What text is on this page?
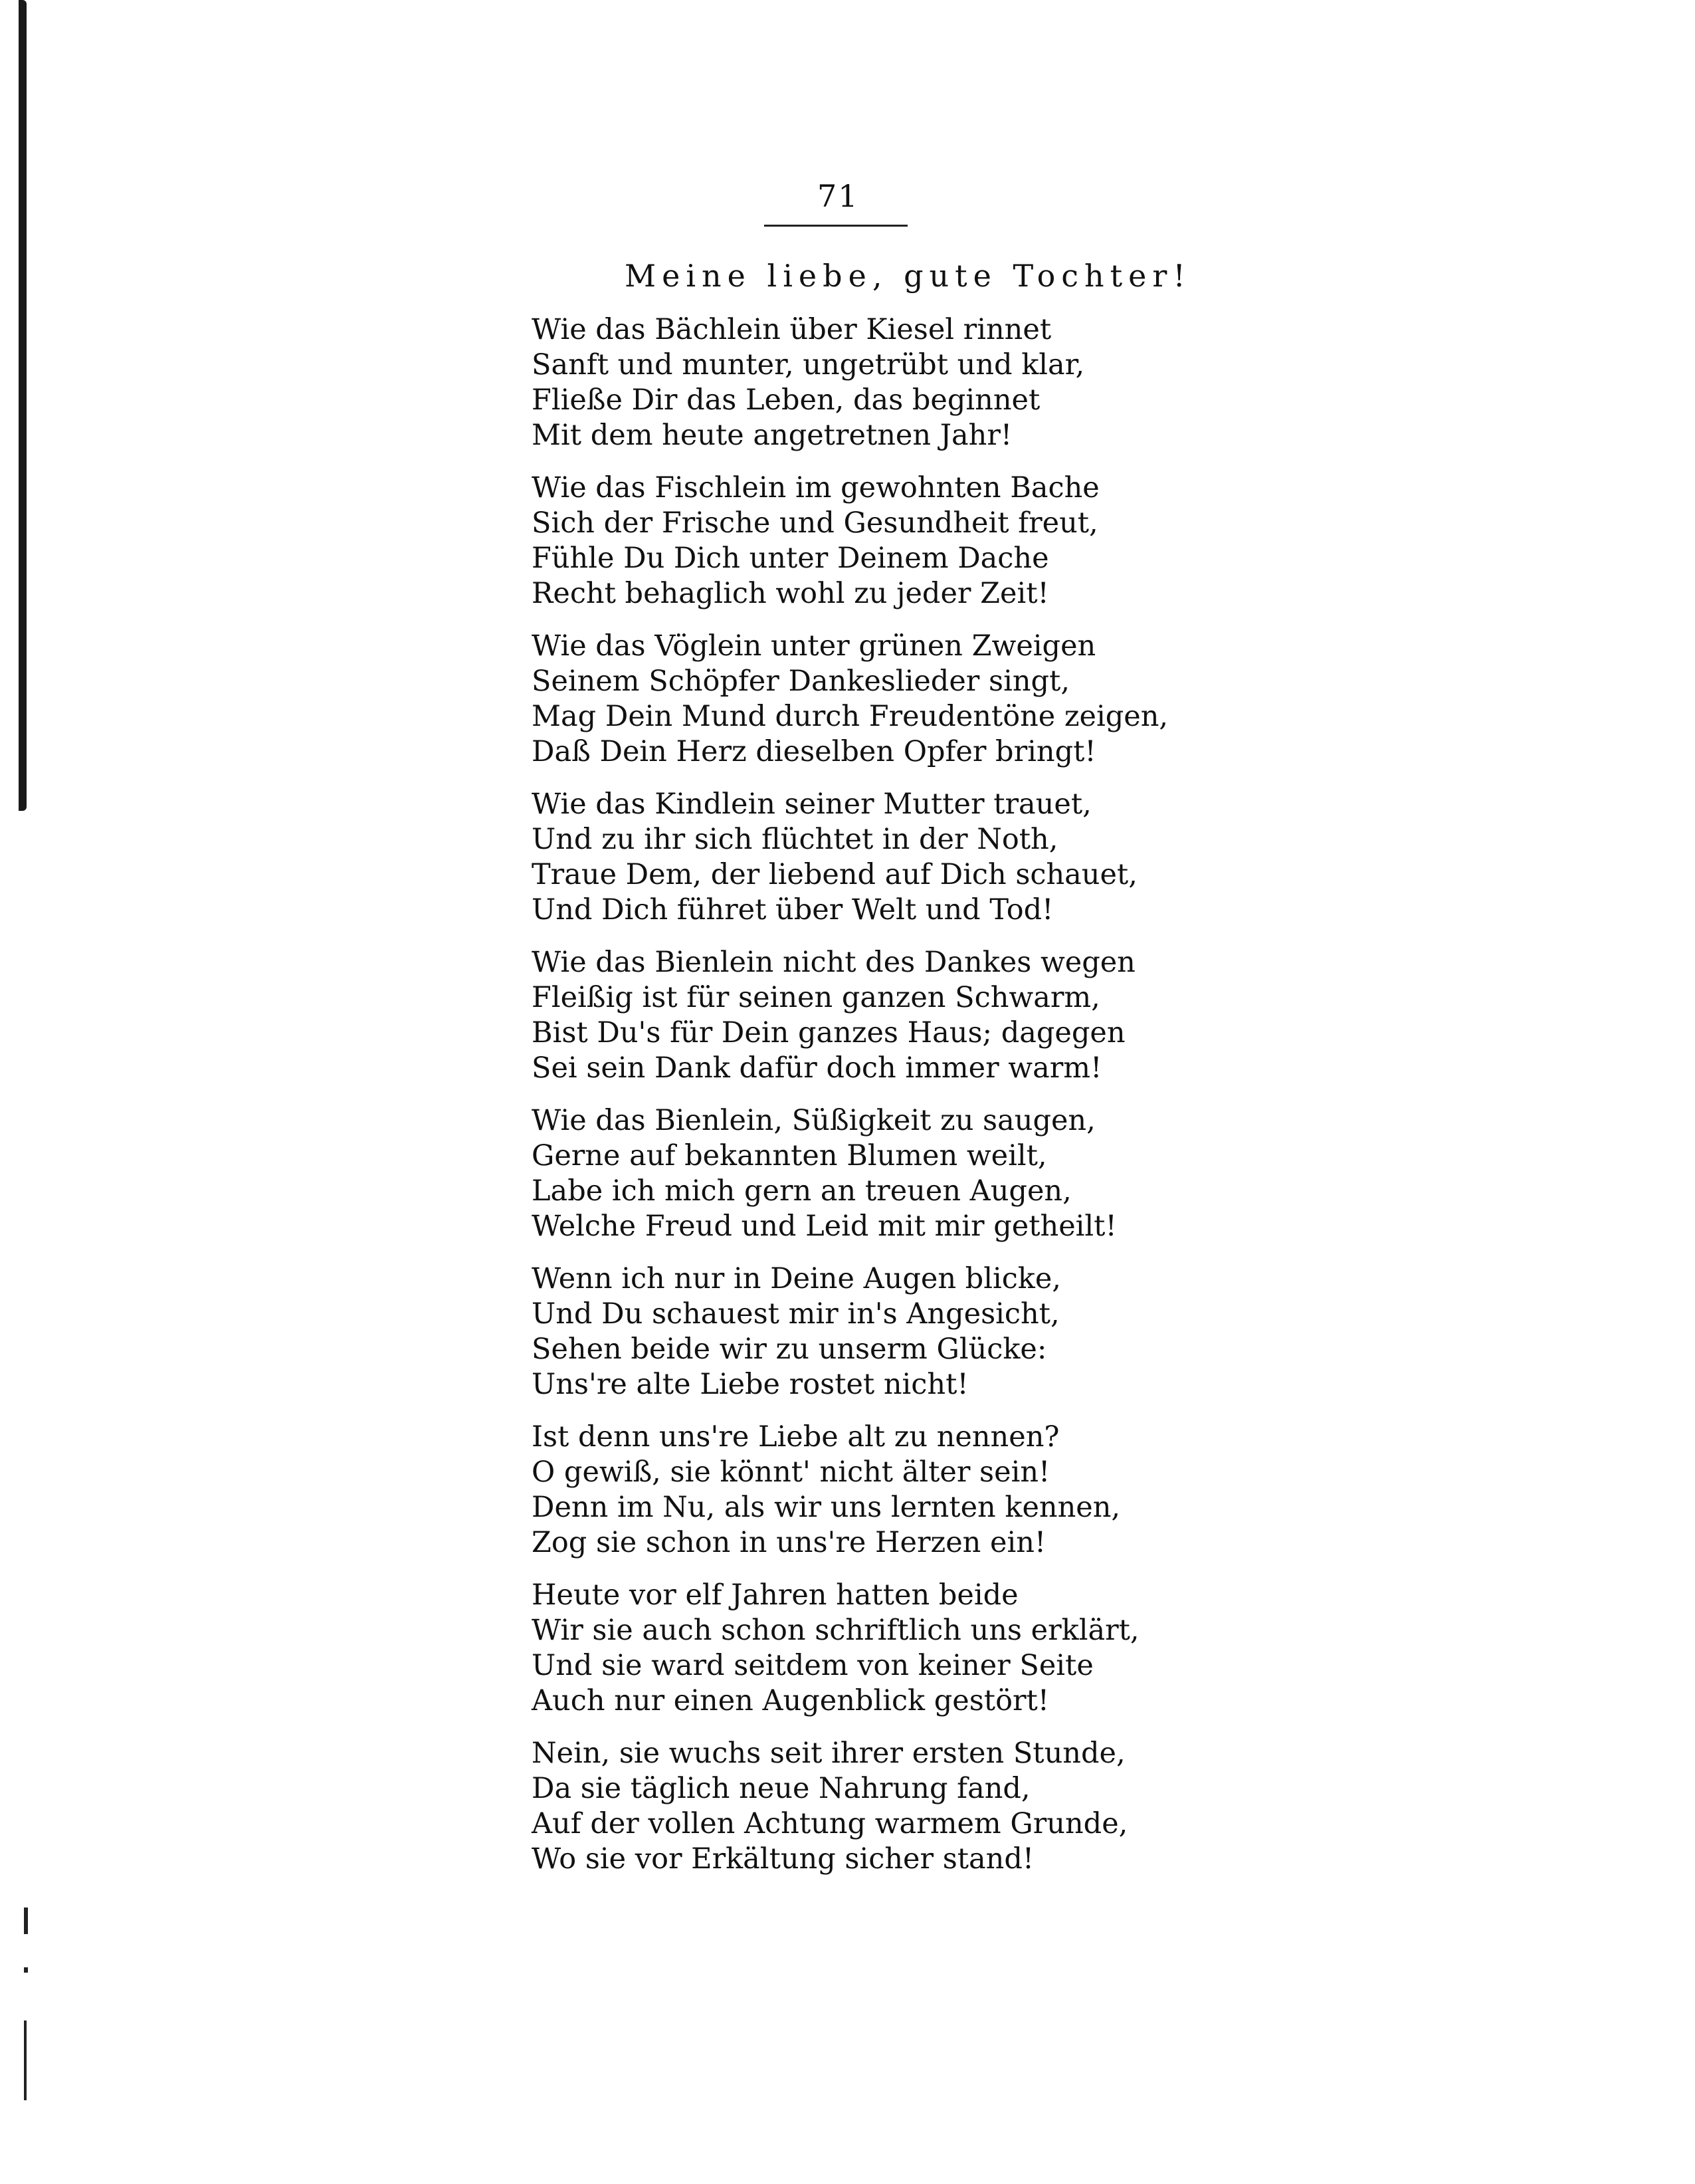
71
Meine liebe, gute Tochter!
Wie das Bächlein über Kiesel rinnet
Sanft und munter, ungetrübt und klar,
Fließe Dir das Leben, das beginnet
Mit dem heute angetretnen Jahr!
Wie das Fischlein im gewohnten Bache
Sich der Frische und Gesundheit freut,
Fühle Du Dich unter Deinem Dache
Recht behaglich wohl zu jeder Zeit!
Wie das Vöglein unter grünen Zweigen
Seinem Schöpfer Dankeslieder singt,
Mag Dein Mund durch Freudentöne zeigen,
Daß Dein Herz dieselben Opfer bringt!
Wie das Kindlein seiner Mutter trauet,
Und zu ihr sich flüchtet in der Noth,
Traue Dem, der liebend auf Dich schauet,
Und Dich führet über Welt und Tod!
Wie das Bienlein nicht des Dankes wegen
Fleißig ist für seinen ganzen Schwarm,
Bist Du's für Dein ganzes Haus; dagegen
Sei sein Dank dafür doch immer warm!
Wie das Bienlein, Süßigkeit zu saugen,
Gerne auf bekannten Blumen weilt,
Labe ich mich gern an treuen Augen,
Welche Freud und Leid mit mir getheilt!
Wenn ich nur in Deine Augen blicke,
Und Du schauest mir in's Angesicht,
Sehen beide wir zu unserm Glücke:
Uns're alte Liebe rostet nicht!
Ist denn uns're Liebe alt zu nennen?
O gewiß, sie könnt' nicht älter sein!
Denn im Nu, als wir uns lernten kennen,
Zog sie schon in uns're Herzen ein!
Heute vor elf Jahren hatten beide
Wir sie auch schon schriftlich uns erklärt,
Und sie ward seitdem von keiner Seite
Auch nur einen Augenblick gestört!
Nein, sie wuchs seit ihrer ersten Stunde,
Da sie täglich neue Nahrung fand,
Auf der vollen Achtung warmem Grunde,
Wo sie vor Erkältung sicher stand!
